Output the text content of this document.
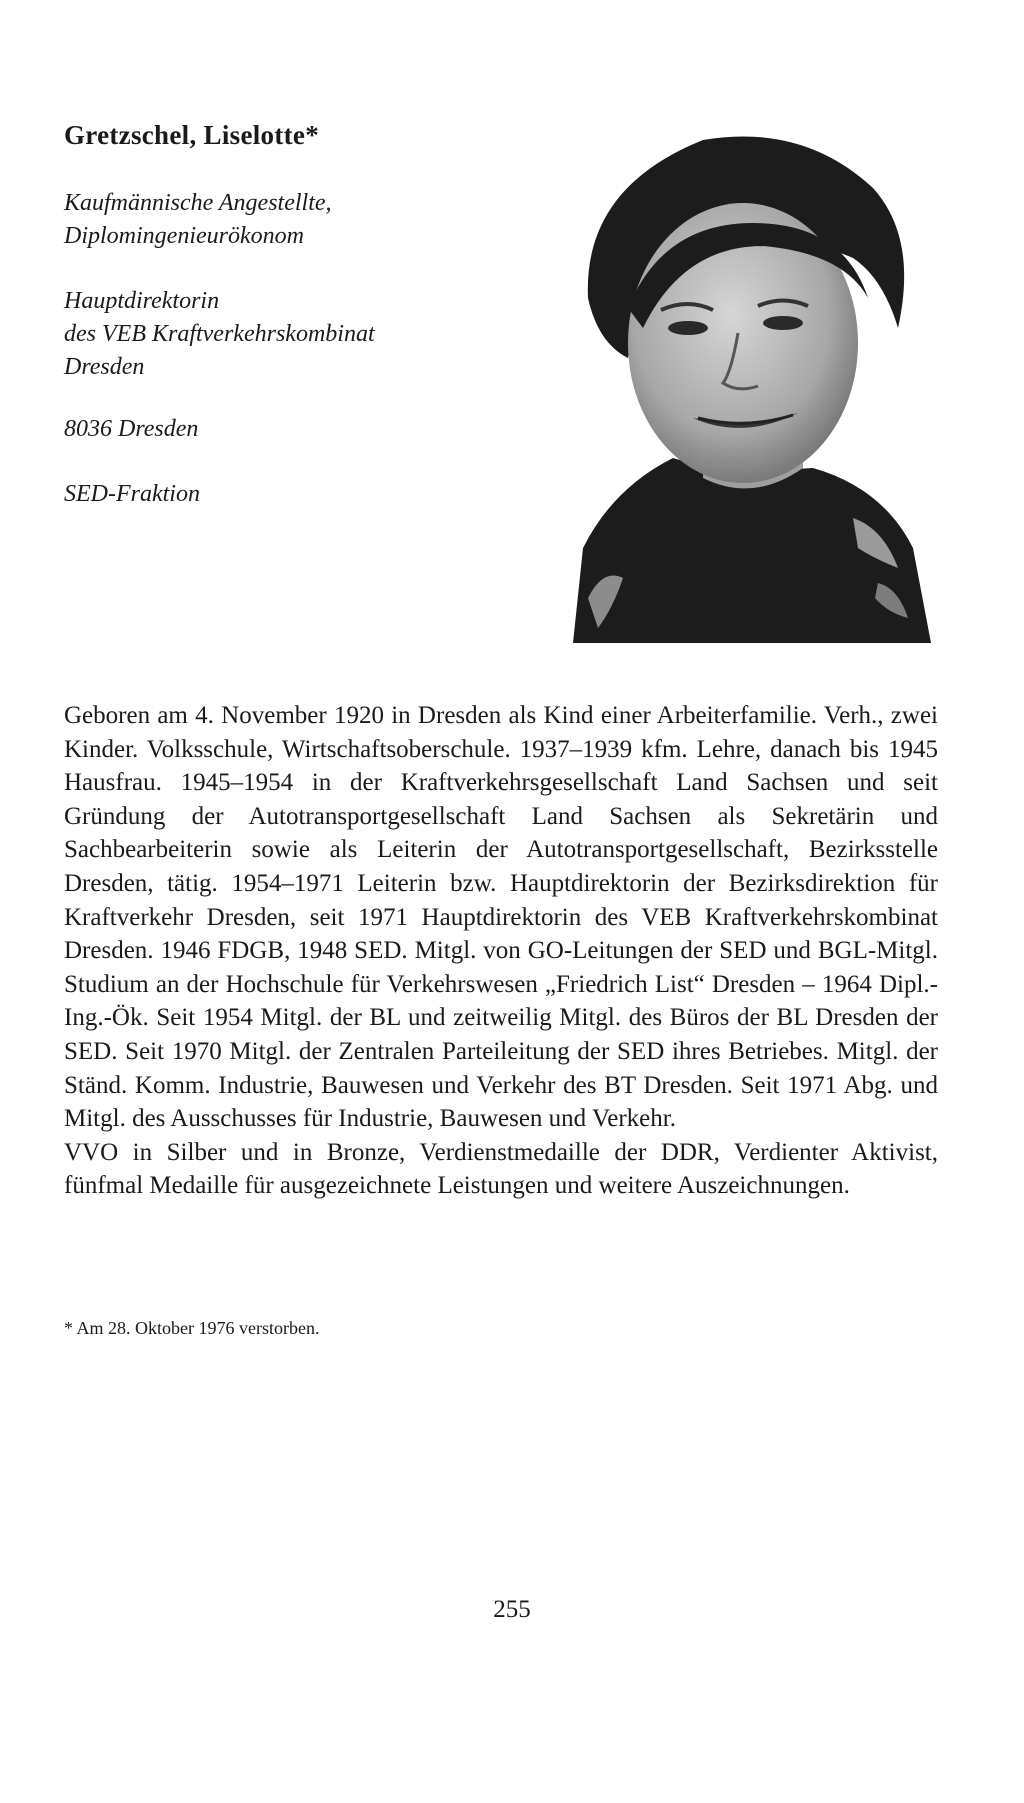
Gretzschel, Liselotte*
Kaufmännische Angestellte,
Diplomingenieurökonom
Hauptdirektorin
des VEB Kraftverkehrskombinat
Dresden
8036 Dresden
SED-Fraktion

Geboren am 4. November 1920 in Dresden als Kind einer Arbeiterfamilie. Verh., zwei Kinder. Volksschule, Wirtschaftsoberschule. 1937–1939 kfm. Lehre, danach bis 1945 Hausfrau. 1945–1954 in der Kraftverkehrsgesellschaft Land Sachsen und seit Gründung der Autotransportgesellschaft Land Sachsen als Sekretärin und Sachbearbeiterin sowie als Leiterin der Autotransportgesellschaft, Bezirksstelle Dresden, tätig. 1954–1971 Leiterin bzw. Hauptdirektorin der Bezirksdirektion für Kraftverkehr Dresden, seit 1971 Hauptdirektorin des VEB Kraftverkehrskombinat Dresden. 1946 FDGB, 1948 SED. Mitgl. von GO-Leitungen der SED und BGL-Mitgl. Studium an der Hochschule für Verkehrswesen „Friedrich List“ Dresden – 1964 Dipl.-Ing.-Ök. Seit 1954 Mitgl. der BL und zeitweilig Mitgl. des Büros der BL Dresden der SED. Seit 1970 Mitgl. der Zentralen Parteileitung der SED ihres Betriebes. Mitgl. der Ständ. Komm. Industrie, Bauwesen und Verkehr des BT Dresden. Seit 1971 Abg. und Mitgl. des Ausschusses für Industrie, Bauwesen und Verkehr.

VVO in Silber und in Bronze, Verdienstmedaille der DDR, Verdienter Aktivist, fünfmal Medaille für ausgezeichnete Leistungen und weitere Auszeichnungen.

* Am 28. Oktober 1976 verstorben.
255
